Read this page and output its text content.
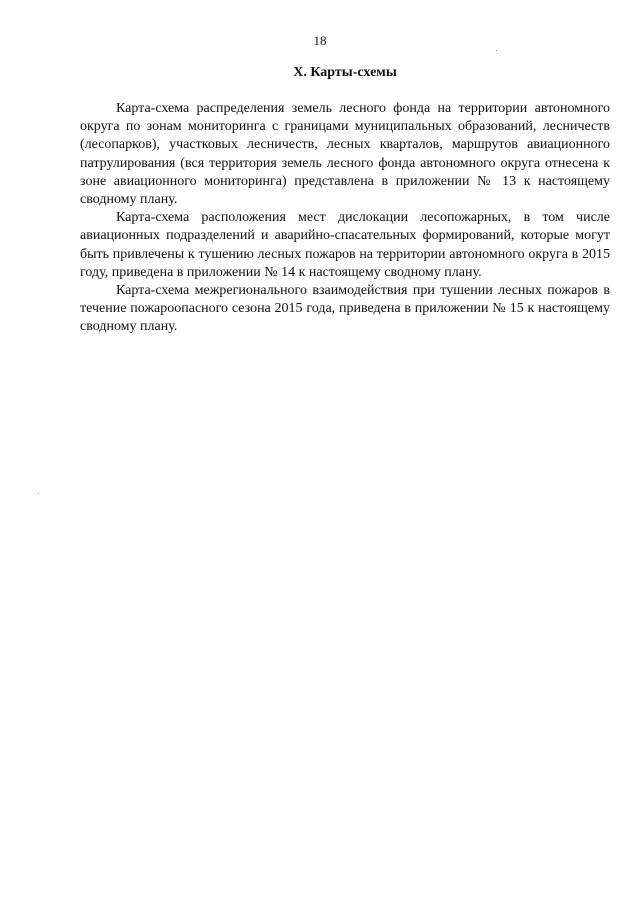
18
X. Карты-схемы

Карта-схема распределения земель лесного фонда на территории автономного округа по зонам мониторинга с границами муниципальных образований, лесничеств (лесопарков), участковых лесничеств, лесных кварталов, маршрутов авиационного патрулирования (вся территория земель лесного фонда автономного округа отнесена к зоне авиационного мониторинга) представлена в приложении № 13 к настоящему сводному плану.

Карта-схема расположения мест дислокации лесопожарных, в том числе авиационных подразделений и аварийно-спасательных формирований, которые могут быть привлечены к тушению лесных пожаров на территории автономного округа в 2015 году, приведена в приложении № 14 к настоящему сводному плану.

Карта-схема межрегионального взаимодействия при тушении лесных пожаров в течение пожароопасного сезона 2015 года, приведена в приложении № 15 к настоящему сводному плану.
